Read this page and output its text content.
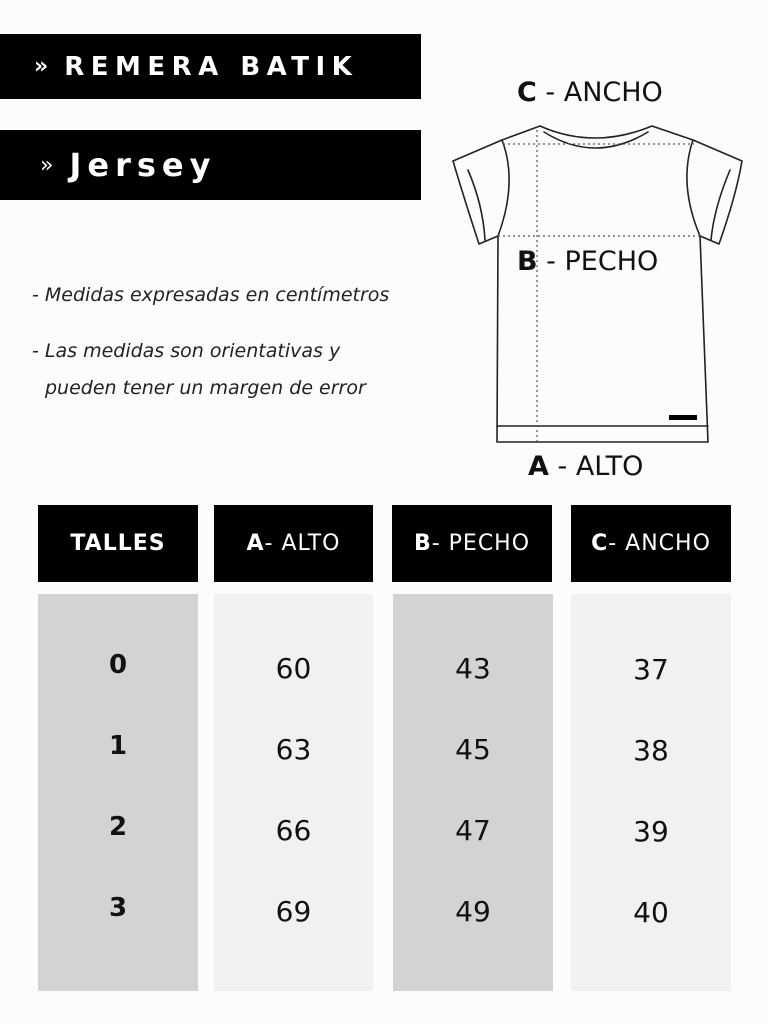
» REMERA BATIK
» Jersey
- Medidas expresadas en centímetros
- Las medidas son orientativas y
pueden tener un margen de error
C - ANCHO
B - PECHO
A - ALTO
TALLES
0
1
2
3
A - ALTO
60
63
66
69
B - PECHO
43
45
47
49
C - ANCHO
37
38
39
40
